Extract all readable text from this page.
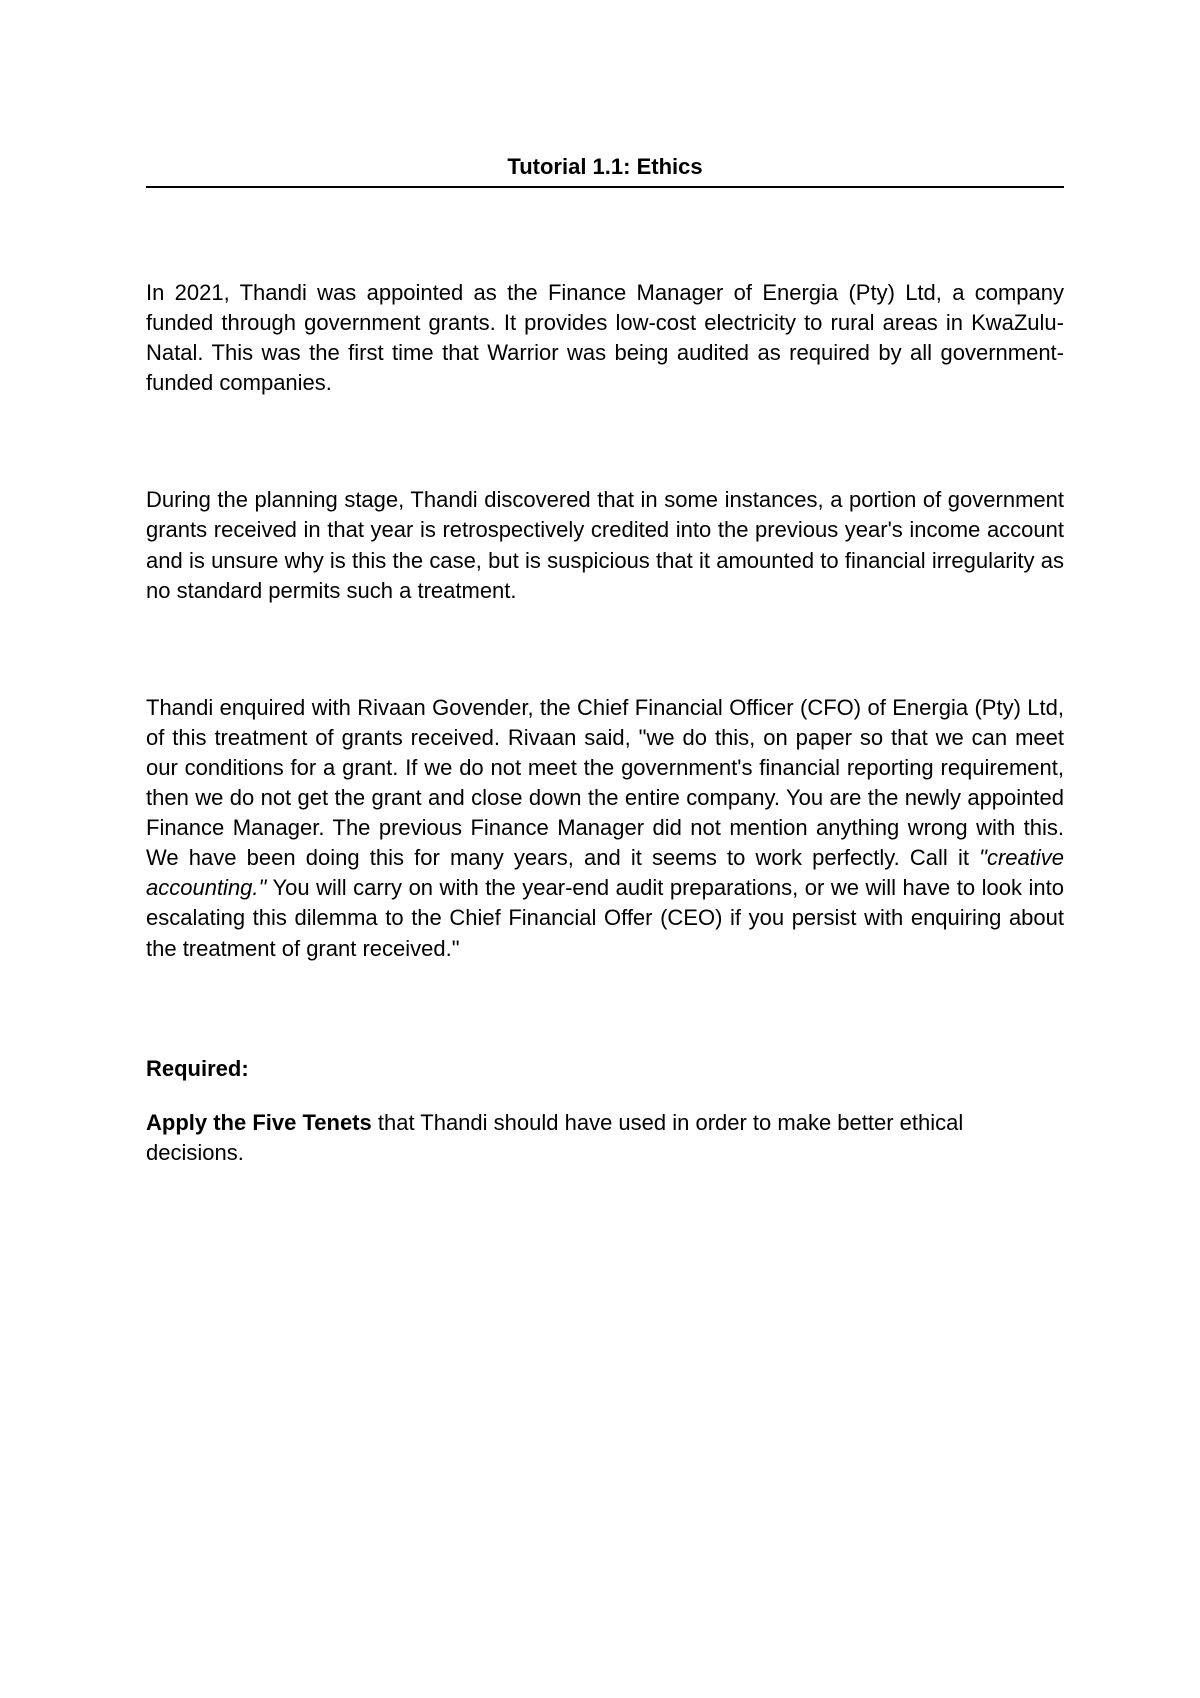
Tutorial 1.1: Ethics

In 2021, Thandi was appointed as the Finance Manager of Energia (Pty) Ltd, a company funded through government grants. It provides low-cost electricity to rural areas in KwaZulu-Natal. This was the first time that Warrior was being audited as required by all government-funded companies.

During the planning stage, Thandi discovered that in some instances, a portion of government grants received in that year is retrospectively credited into the previous year's income account and is unsure why is this the case, but is suspicious that it amounted to financial irregularity as no standard permits such a treatment.

Thandi enquired with Rivaan Govender, the Chief Financial Officer (CFO) of Energia (Pty) Ltd, of this treatment of grants received. Rivaan said, "we do this, on paper so that we can meet our conditions for a grant. If we do not meet the government's financial reporting requirement, then we do not get the grant and close down the entire company. You are the newly appointed Finance Manager. The previous Finance Manager did not mention anything wrong with this. We have been doing this for many years, and it seems to work perfectly. Call it "creative accounting." You will carry on with the year-end audit preparations, or we will have to look into escalating this dilemma to the Chief Financial Offer (CEO) if you persist with enquiring about the treatment of grant received."

Required:

Apply the Five Tenets that Thandi should have used in order to make better ethical decisions.
